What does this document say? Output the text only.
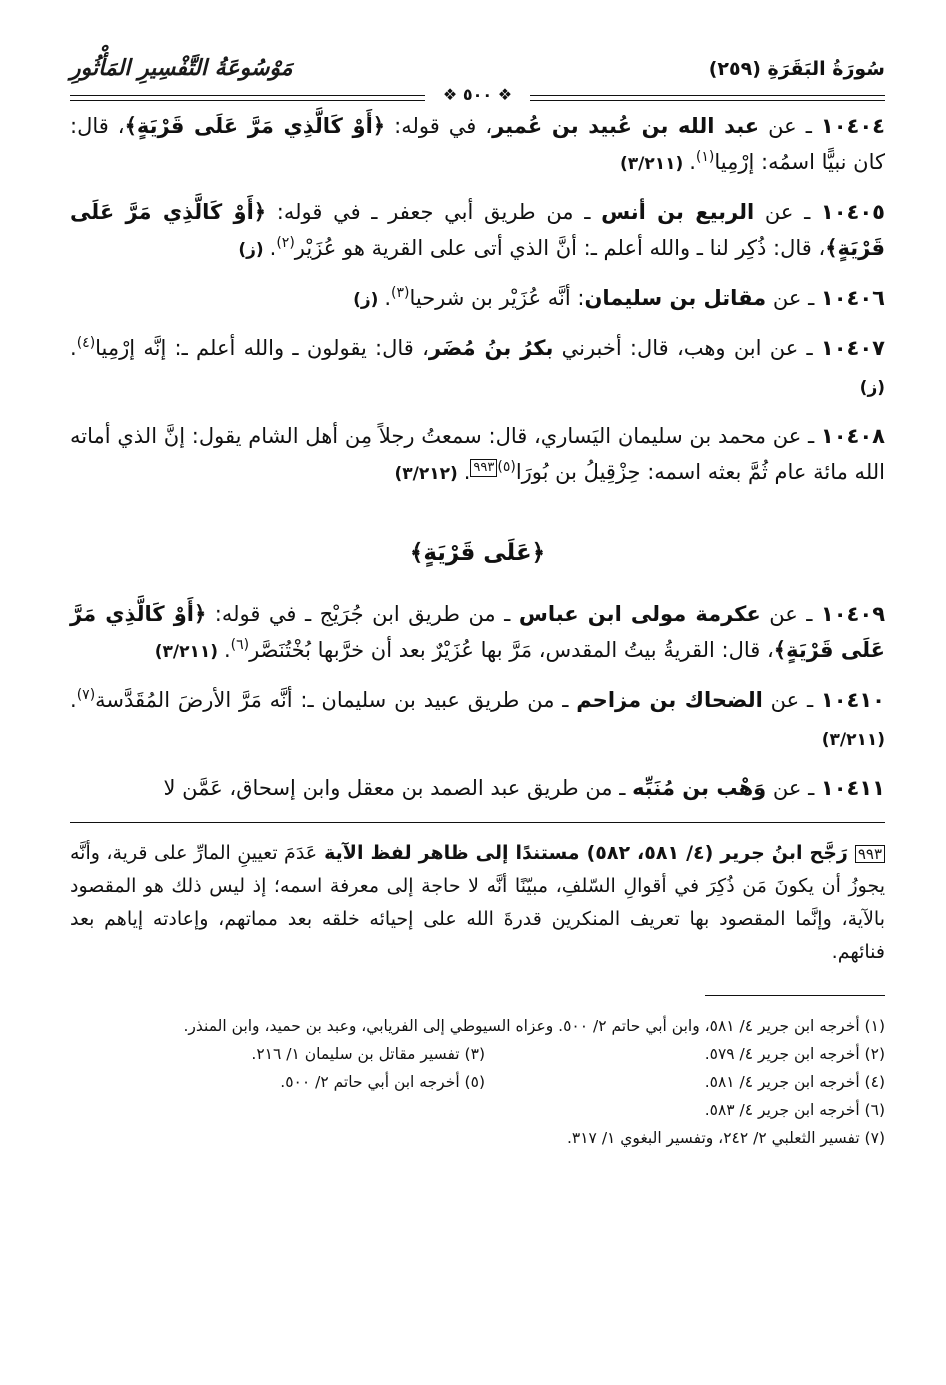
سُورَةُ البَقَرَةِ (٢٥٩)
مَوْسُوعَةُ التَّفْسِيرِ المَأْثُورِ
❖ ٥٠٠ ❖

١٠٤٠٤ ـ عن عبد الله بن عُبيد بن عُمير، في قوله: ﴿أَوْ كَالَّذِي مَرَّ عَلَى قَرْيَةٍ﴾، قال: كان نبيًّا اسمُه: إرْمِيا$^{(١)}$. (٣/٢١١)

١٠٤٠٥ ـ عن الربيع بن أنس ـ من طريق أبي جعفر ـ في قوله: ﴿أَوْ كَالَّذِي مَرَّ عَلَى قَرْيَةٍ﴾، قال: ذُكِر لنا ـ والله أعلم ـ: أنَّ الذي أتى على القرية هو عُزَيْر$^{(٢)}$. (ز)

١٠٤٠٦ ـ عن مقاتل بن سليمان: أنَّه عُزَيْر بن شرحيا$^{(٣)}$. (ز)

١٠٤٠٧ ـ عن ابن وهب، قال: أخبرني بكرُ بنُ مُضَر، قال: يقولون ـ والله أعلم ـ: إنَّه إرْمِيا$^{(٤)}$. (ز)

١٠٤٠٨ ـ عن محمد بن سليمان اليَساري، قال: سمعتُ رجلاً مِن أهل الشام يقول: إنَّ الذي أماته الله مائة عام ثُمَّ بعثه اسمه: حِزْقِيلُ بن بُورَا$^{(٥)}$٩٩٣. (٣/٢١٢)

﴿عَلَى قَرْيَةٍ﴾

١٠٤٠٩ ـ عن عكرمة مولى ابن عباس ـ من طريق ابن جُرَيْج ـ في قوله: ﴿أَوْ كَالَّذِي مَرَّ عَلَى قَرْيَةٍ﴾، قال: القريةُ بيتُ المقدس، مَرَّ بها عُزَيْرٌ بعد أن خرَّبها بُخْتُنَصَّر$^{(٦)}$. (٣/٢١١)

١٠٤١٠ ـ عن الضحاك بن مزاحم ـ من طريق عبيد بن سليمان ـ: أنَّه مَرَّ الأرضَ المُقَدَّسة$^{(٧)}$. (٣/٢١١)

١٠٤١١ ـ عن وَهْب بن مُنَبِّه ـ من طريق عبد الصمد بن معقل وابن إسحاق، عَمَّن لا

٩٩٣ رَجَّح ابنُ جرير (٤/ ٥٨١، ٥٨٢) مستندًا إلى ظاهر لفظ الآية عَدَمَ تعيينِ المارِّ على قرية، وأنَّه يجوزُ أن يكونَ مَن ذُكِرَ في أقوالِ السّلفِ، مبيّنًا أنَّه لا حاجة إلى معرفة اسمه؛ إذ ليس ذلك هو المقصود بالآية، وإنَّما المقصود بها تعريف المنكرين قدرةَ الله على إحيائه خلقه بعد مماتهم، وإعادته إياهم بعد فنائهم.

(١) أخرجه ابن جرير ٤/ ٥٨١، وابن أبي حاتم ٢/ ٥٠٠. وعزاه السيوطي إلى الفريابي، وعبد بن حميد، وابن المنذر.

(٢) أخرجه ابن جرير ٤/ ٥٧٩.
(٣) تفسير مقاتل بن سليمان ١/ ٢١٦.
(٤) أخرجه ابن جرير ٤/ ٥٨١.
(٥) أخرجه ابن أبي حاتم ٢/ ٥٠٠.

(٦) أخرجه ابن جرير ٤/ ٥٨٣.

(٧) تفسير الثعلبي ٢/ ٢٤٢، وتفسير البغوي ١/ ٣١٧.
